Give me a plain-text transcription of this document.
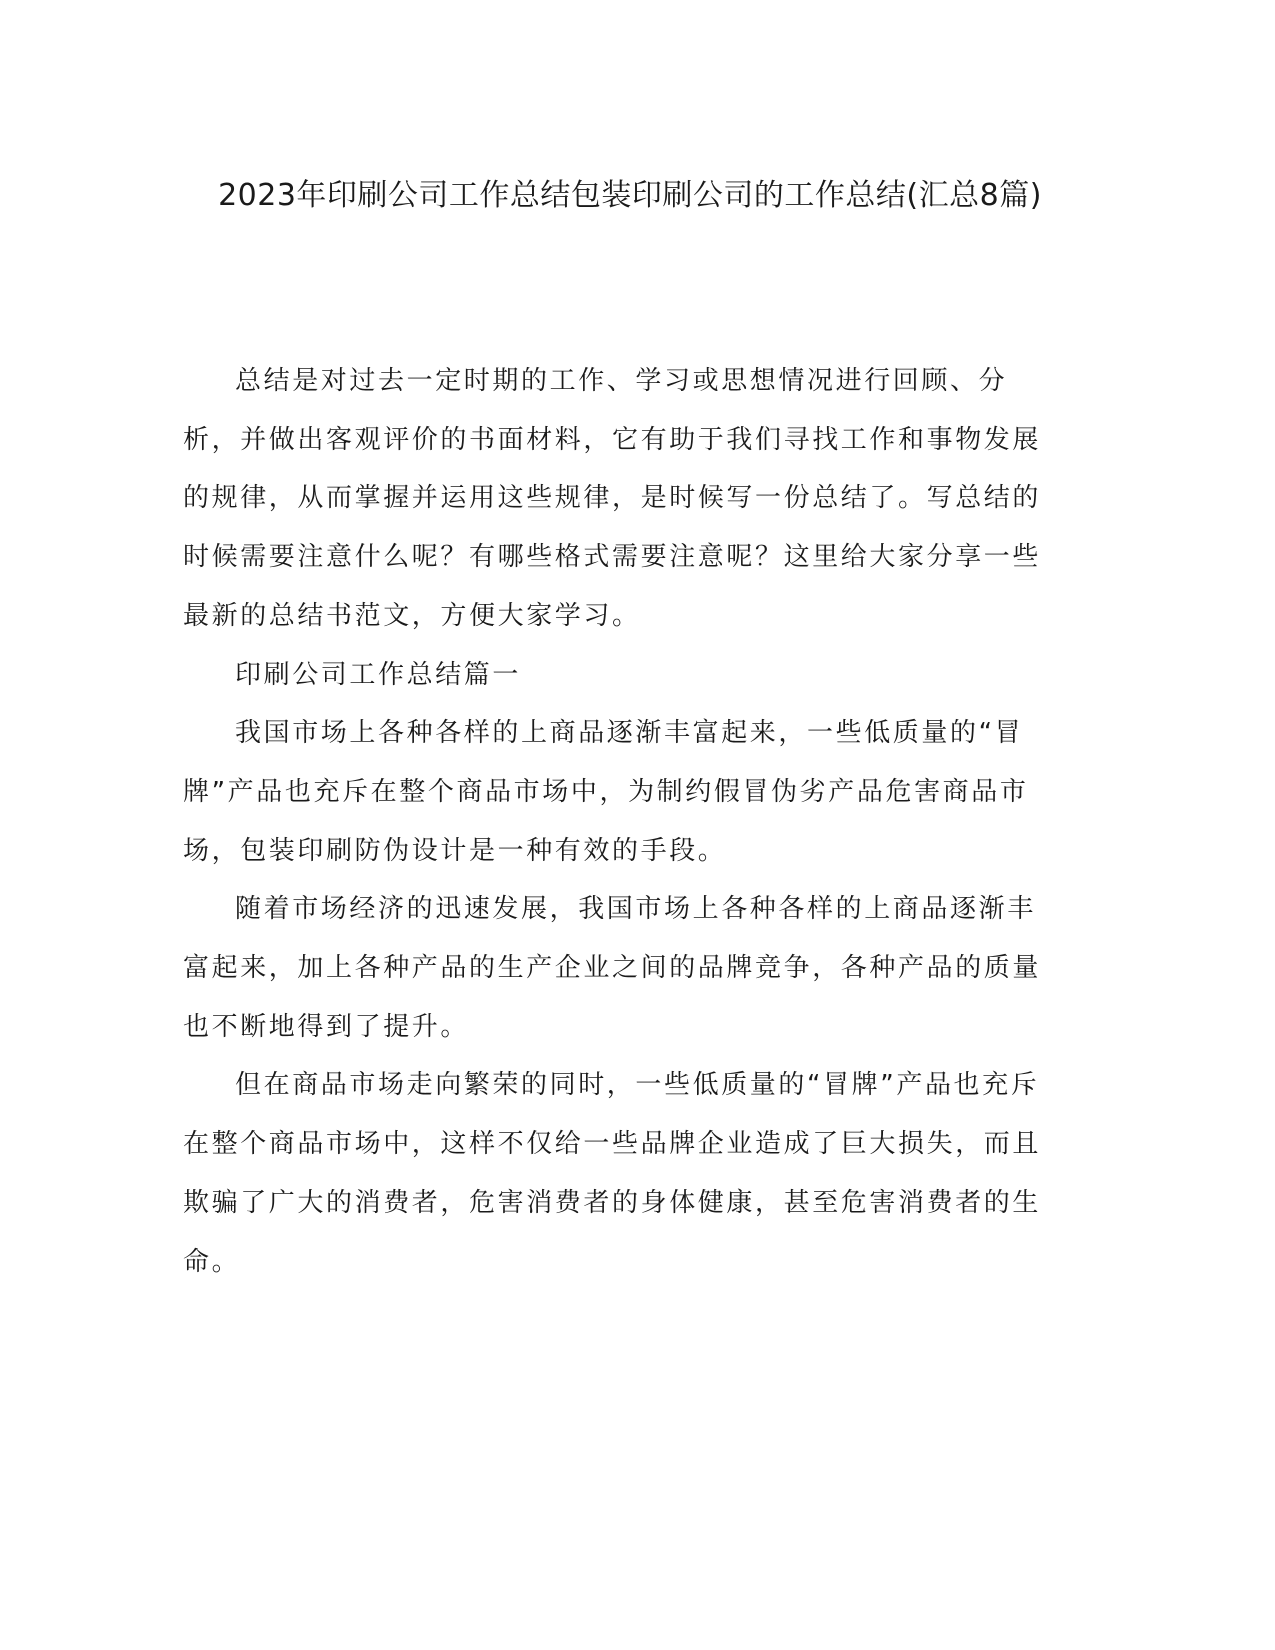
2023年印刷公司工作总结包装印刷公司的工作总结(汇总8篇)

总结是对过去一定时期的工作、学习或思想情况进行回顾、分析，并做出客观评价的书面材料，它有助于我们寻找工作和事物发展的规律，从而掌握并运用这些规律，是时候写一份总结了。写总结的时候需要注意什么呢？有哪些格式需要注意呢？这里给大家分享一些最新的总结书范文，方便大家学习。

印刷公司工作总结篇一

我国市场上各种各样的上商品逐渐丰富起来，一些低质量的“冒牌”产品也充斥在整个商品市场中，为制约假冒伪劣产品危害商品市场，包装印刷防伪设计是一种有效的手段。

随着市场经济的迅速发展，我国市场上各种各样的上商品逐渐丰富起来，加上各种产品的生产企业之间的品牌竞争，各种产品的质量也不断地得到了提升。

但在商品市场走向繁荣的同时，一些低质量的“冒牌”产品也充斥在整个商品市场中，这样不仅给一些品牌企业造成了巨大损失，而且欺骗了广大的消费者，危害消费者的身体健康，甚至危害消费者的生命。
